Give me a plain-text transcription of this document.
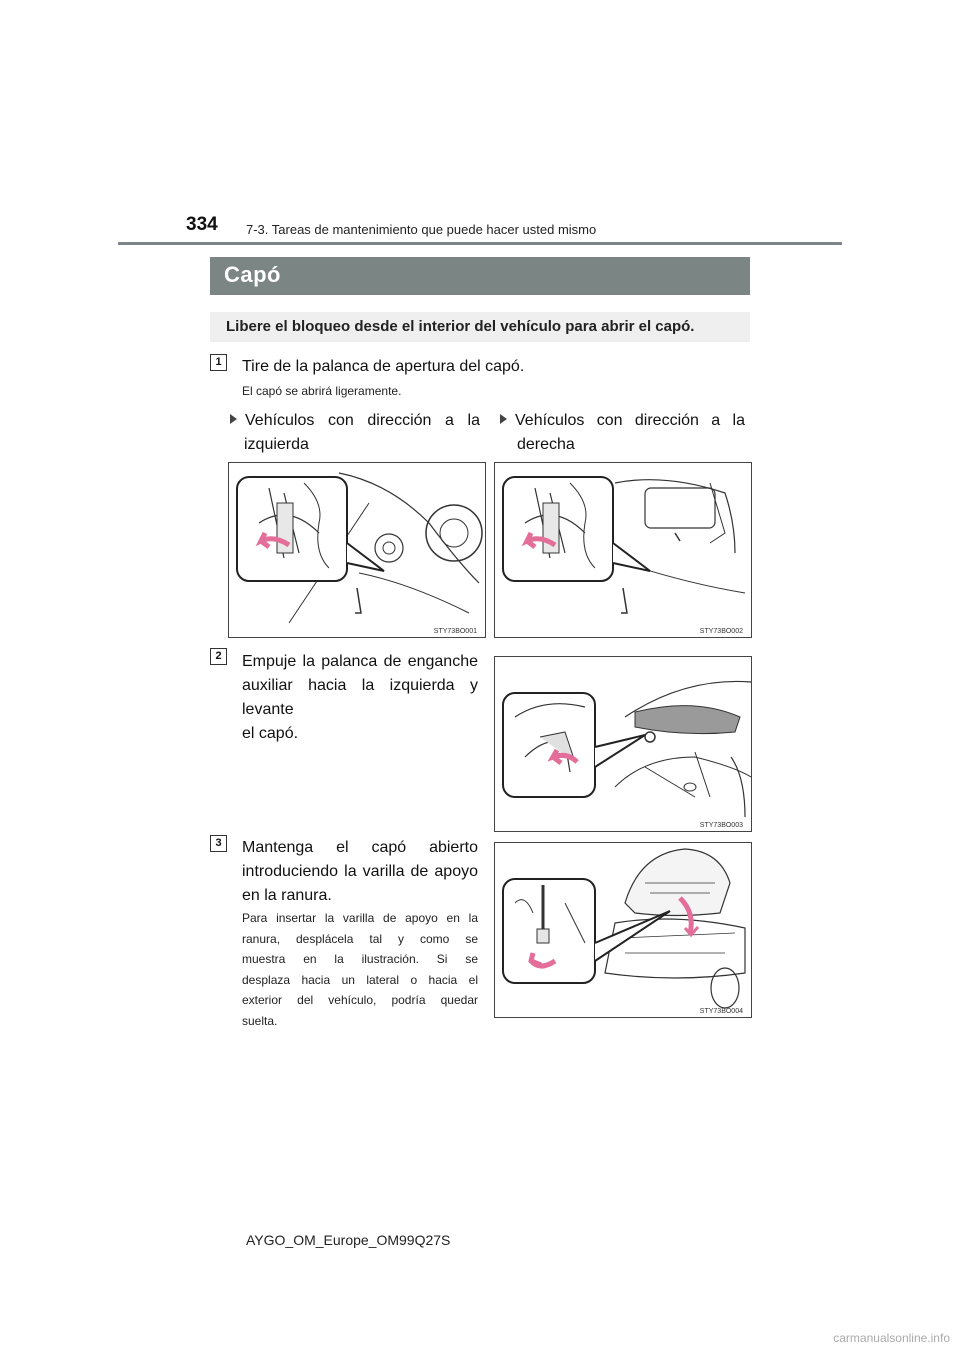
334 7-3. Tareas de mantenimiento que puede hacer usted mismo
Capó
Libere el bloqueo desde el interior del vehículo para abrir el capó.
1	Tire de la palanca de apertura del capó.
El capó se abrirá ligeramente.
Vehículos con dirección a la
izquierda
Vehículos con dirección a la
derecha
STY73BO001	STY73BO002
2	Empuje la palanca de enganche
auxiliar hacia la izquierda y levante
el capó.
STY73BO003
3	Mantenga el capó abierto
introduciendo la varilla de apoyo
en la ranura.
Para insertar la varilla de apoyo en la
ranura, desplácela tal y como se
muestra en la ilustración. Si se
desplaza hacia un lateral o hacia el
exterior del vehículo, podría quedar
suelta.
STY73BO004
AYGO_OM_Europe_OM99Q27S
carmanualsonline.info
